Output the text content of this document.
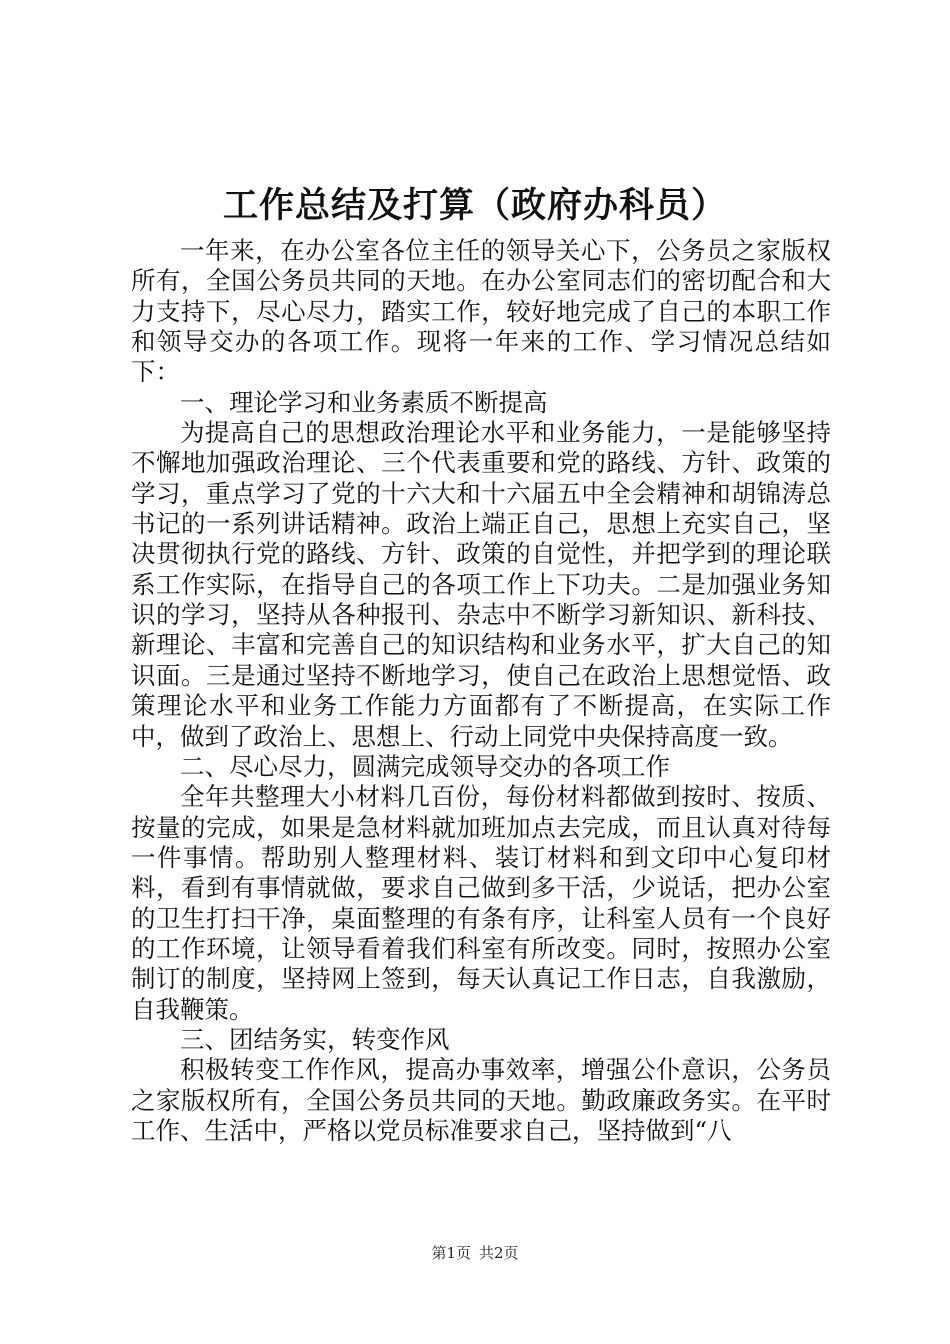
工作总结及打算（政府办科员）

一年来，在办公室各位主任的领导关心下，公务员之家版权所有，全国公务员共同的天地。在办公室同志们的密切配合和大力支持下，尽心尽力，踏实工作，较好地完成了自己的本职工作和领导交办的各项工作。现将一年来的工作、学习情况总结如下：

一、理论学习和业务素质不断提高

为提高自己的思想政治理论水平和业务能力，一是能够坚持不懈地加强政治理论、三个代表重要和党的路线、方针、政策的学习，重点学习了党的十六大和十六届五中全会精神和胡锦涛总书记的一系列讲话精神。政治上端正自己，思想上充实自己，坚决贯彻执行党的路线、方针、政策的自觉性，并把学到的理论联系工作实际，在指导自己的各项工作上下功夫。二是加强业务知识的学习，坚持从各种报刊、杂志中不断学习新知识、新科技、新理论、丰富和完善自己的知识结构和业务水平，扩大自己的知识面。三是通过坚持不断地学习，使自己在政治上思想觉悟、政策理论水平和业务工作能力方面都有了不断提高，在实际工作中，做到了政治上、思想上、行动上同党中央保持高度一致。

二、尽心尽力，圆满完成领导交办的各项工作

全年共整理大小材料几百份，每份材料都做到按时、按质、按量的完成，如果是急材料就加班加点去完成，而且认真对待每一件事情。帮助别人整理材料、装订材料和到文印中心复印材料，看到有事情就做，要求自己做到多干活，少说话，把办公室的卫生打扫干净，桌面整理的有条有序，让科室人员有一个良好的工作环境，让领导看着我们科室有所改变。同时，按照办公室制订的制度，坚持网上签到，每天认真记工作日志，自我激励，自我鞭策。

三、团结务实，转变作风

积极转变工作作风，提高办事效率，增强公仆意识，公务员之家版权所有，全国公务员共同的天地。勤政廉政务实。在平时工作、生活中，严格以党员标准要求自己，坚持做到“八

第1页 共2页
